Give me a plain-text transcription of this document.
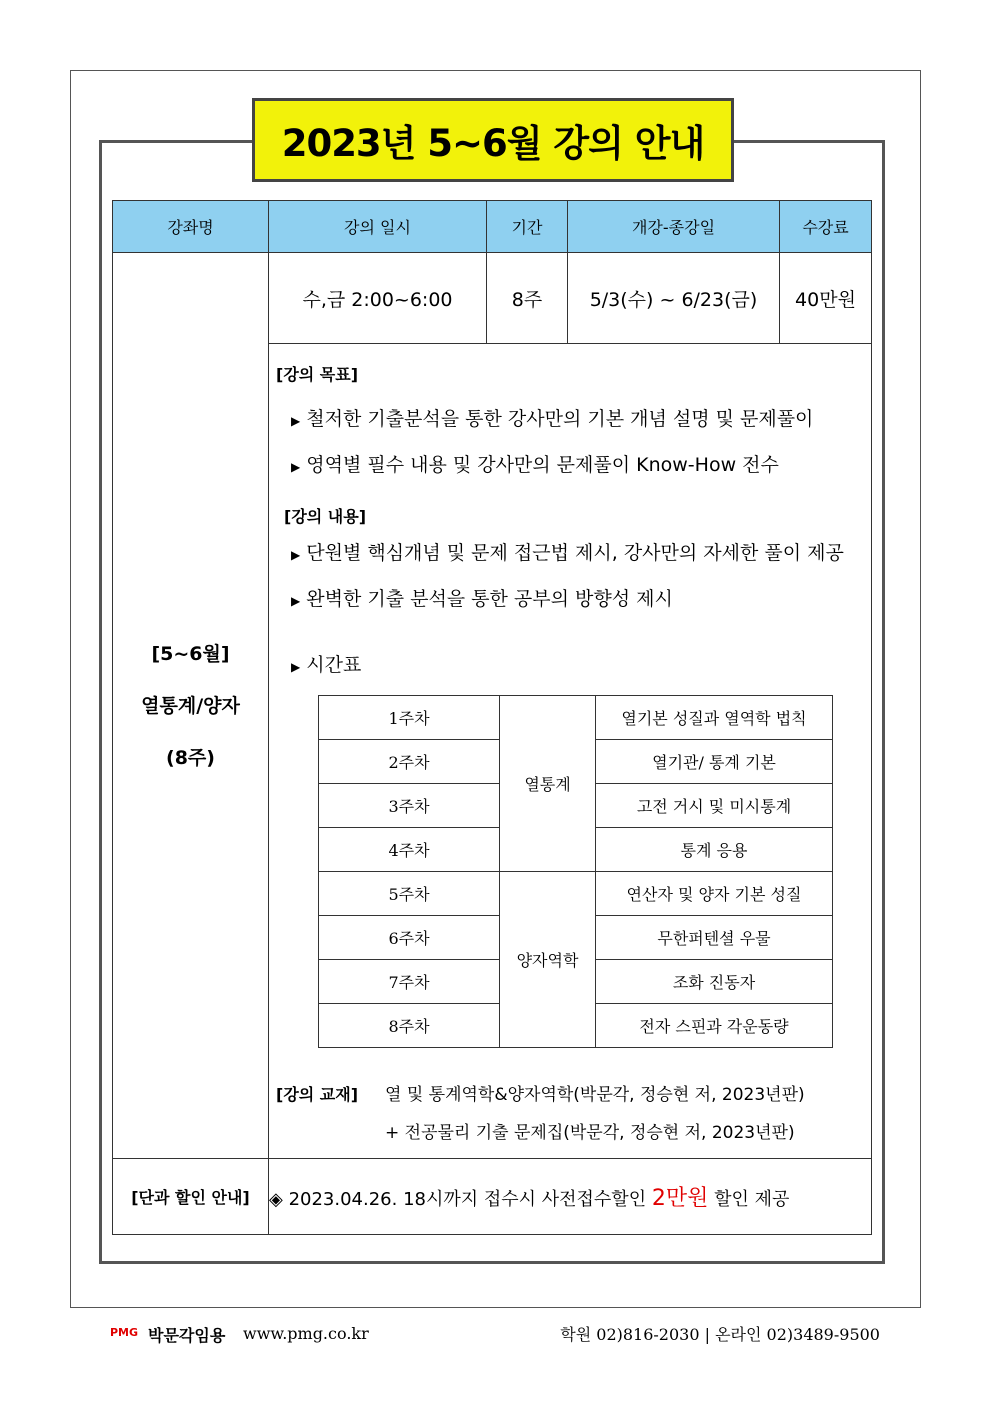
2023년 5~6월 강의 안내
강좌명	강의 일시	기간	개강-종강일	수강료

[5~6월]
열통계/양자
(8주)
	수,금 2:00~6:00	8주	5/3(수) ~ 6/23(금)	40만원

[강의 목표]
▶ 철저한 기출분석을 통한 강사만의 기본 개념 설명 및 문제풀이
▶ 영역별 필수 내용 및 강사만의 문제풀이 Know-How 전수
[강의 내용]
▶ 단원별 핵심개념 및 문제 접근법 제시, 강사만의 자세한 풀이 제공
▶ 완벽한 기출 분석을 통한 공부의 방향성 제시
▶ 시간표
1주차	열통계	열기본 성질과 열역학 법칙
2주차	열기관/ 통계 기본
3주차	고전 거시 및 미시통계
4주차	통계 응용
5주차	양자역학	연산자 및 양자 기본 성질
6주차	무한퍼텐셜 우물
7주차	조화 진동자
8주차	전자 스핀과 각운동량
[강의 교재] 열 및 통계역학&양자역학(박문각, 정승현 저, 2023년판)
+ 전공물리 기출 문제집(박문각, 정승현 저, 2023년판)

[단과 할인 안내]	◈ 2023.04.26. 18시까지 접수시 사전접수할인 2만원 할인 제공
PMG 박문각임용 www.pmg.co.kr	학원 02)816-2030 | 온라인 02)3489-9500
